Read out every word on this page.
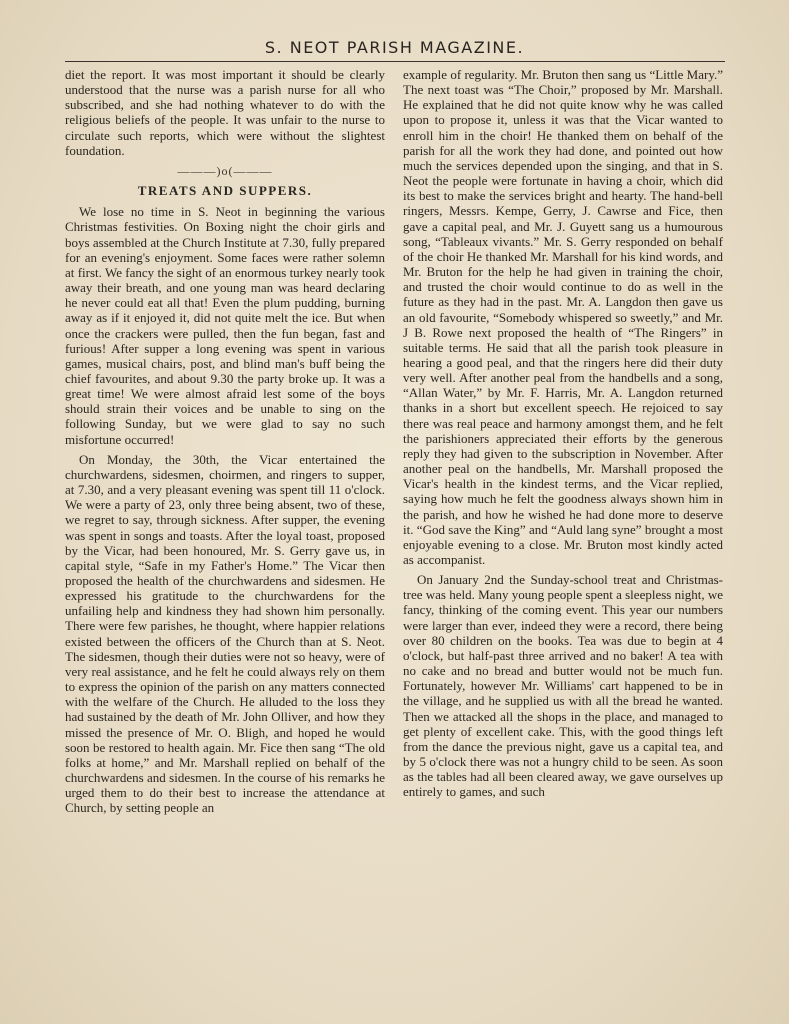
S. NEOT PARISH MAGAZINE.

diet the report. It was most important it should be clearly understood that the nurse was a parish nurse for all who subscribed, and she had nothing whatever to do with the religious beliefs of the people. It was unfair to the nurse to circulate such reports, which were without the slightest foundation.

———)o(———
TREATS AND SUPPERS.

We lose no time in S. Neot in beginning the various Christmas festivities. On Boxing night the choir girls and boys assembled at the Church Institute at 7.30, fully prepared for an evening's enjoyment. Some faces were rather solemn at first. We fancy the sight of an enormous turkey nearly took away their breath, and one young man was heard declaring he never could eat all that! Even the plum pudding, burning away as if it enjoyed it, did not quite melt the ice. But when once the crackers were pulled, then the fun began, fast and furious! After supper a long evening was spent in various games, musical chairs, post, and blind man's buff being the chief favourites, and about 9.30 the party broke up. It was a great time! We were almost afraid lest some of the boys should strain their voices and be unable to sing on the following Sunday, but we were glad to say no such misfortune occurred!

On Monday, the 30th, the Vicar entertained the churchwardens, sidesmen, choirmen, and ringers to supper, at 7.30, and a very pleasant evening was spent till 11 o'clock. We were a party of 23, only three being absent, two of these, we regret to say, through sickness. After supper, the evening was spent in songs and toasts. After the loyal toast, proposed by the Vicar, had been honoured, Mr. S. Gerry gave us, in capital style, “Safe in my Father's Home.” The Vicar then proposed the health of the churchwardens and sidesmen. He expressed his gratitude to the churchwardens for the unfailing help and kindness they had shown him personally. There were few parishes, he thought, where happier relations existed between the officers of the Church than at S. Neot. The sidesmen, though their duties were not so heavy, were of very real assistance, and he felt he could always rely on them to express the opinion of the parish on any matters connected with the welfare of the Church. He alluded to the loss they had sustained by the death of Mr. John Olliver, and how they missed the presence of Mr. O. Bligh, and hoped he would soon be restored to health again. Mr. Fice then sang “The old folks at home,” and Mr. Marshall replied on behalf of the churchwardens and sidesmen. In the course of his remarks he urged them to do their best to increase the attendance at Church, by setting people an

example of regularity. Mr. Bruton then sang us “Little Mary.” The next toast was “The Choir,” proposed by Mr. Marshall. He explained that he did not quite know why he was called upon to propose it, unless it was that the Vicar wanted to enroll him in the choir! He thanked them on behalf of the parish for all the work they had done, and pointed out how much the services depended upon the singing, and that in S. Neot the people were fortunate in having a choir, which did its best to make the services bright and hearty. The hand-bell ringers, Messrs. Kempe, Gerry, J. Cawrse and Fice, then gave a capital peal, and Mr. J. Guyett sang us a humourous song, “Tableaux vivants.” Mr. S. Gerry responded on behalf of the choir He thanked Mr. Marshall for his kind words, and Mr. Bruton for the help he had given in training the choir, and trusted the choir would continue to do as well in the future as they had in the past. Mr. A. Langdon then gave us an old favourite, “Somebody whispered so sweetly,” and Mr. J B. Rowe next proposed the health of “The Ringers” in suitable terms. He said that all the parish took pleasure in hearing a good peal, and that the ringers here did their duty very well. After another peal from the handbells and a song, “Allan Water,” by Mr. F. Harris, Mr. A. Langdon returned thanks in a short but excellent speech. He rejoiced to say there was real peace and harmony amongst them, and he felt the parishioners appreciated their efforts by the generous reply they had given to the subscription in November. After another peal on the handbells, Mr. Marshall proposed the Vicar's health in the kindest terms, and the Vicar replied, saying how much he felt the goodness always shown him in the parish, and how he wished he had done more to deserve it. “God save the King” and “Auld lang syne” brought a most enjoyable evening to a close. Mr. Bruton most kindly acted as accompanist.

On January 2nd the Sunday-school treat and Christmas-tree was held. Many young people spent a sleepless night, we fancy, thinking of the coming event. This year our numbers were larger than ever, indeed they were a record, there being over 80 children on the books. Tea was due to begin at 4 o'clock, but half-past three arrived and no baker! A tea with no cake and no bread and butter would not be much fun. Fortunately, however Mr. Williams' cart happened to be in the village, and he supplied us with all the bread he wanted. Then we attacked all the shops in the place, and managed to get plenty of excellent cake. This, with the good things left from the dance the previous night, gave us a capital tea, and by 5 o'clock there was not a hungry child to be seen. As soon as the tables had all been cleared away, we gave ourselves up entirely to games, and such
